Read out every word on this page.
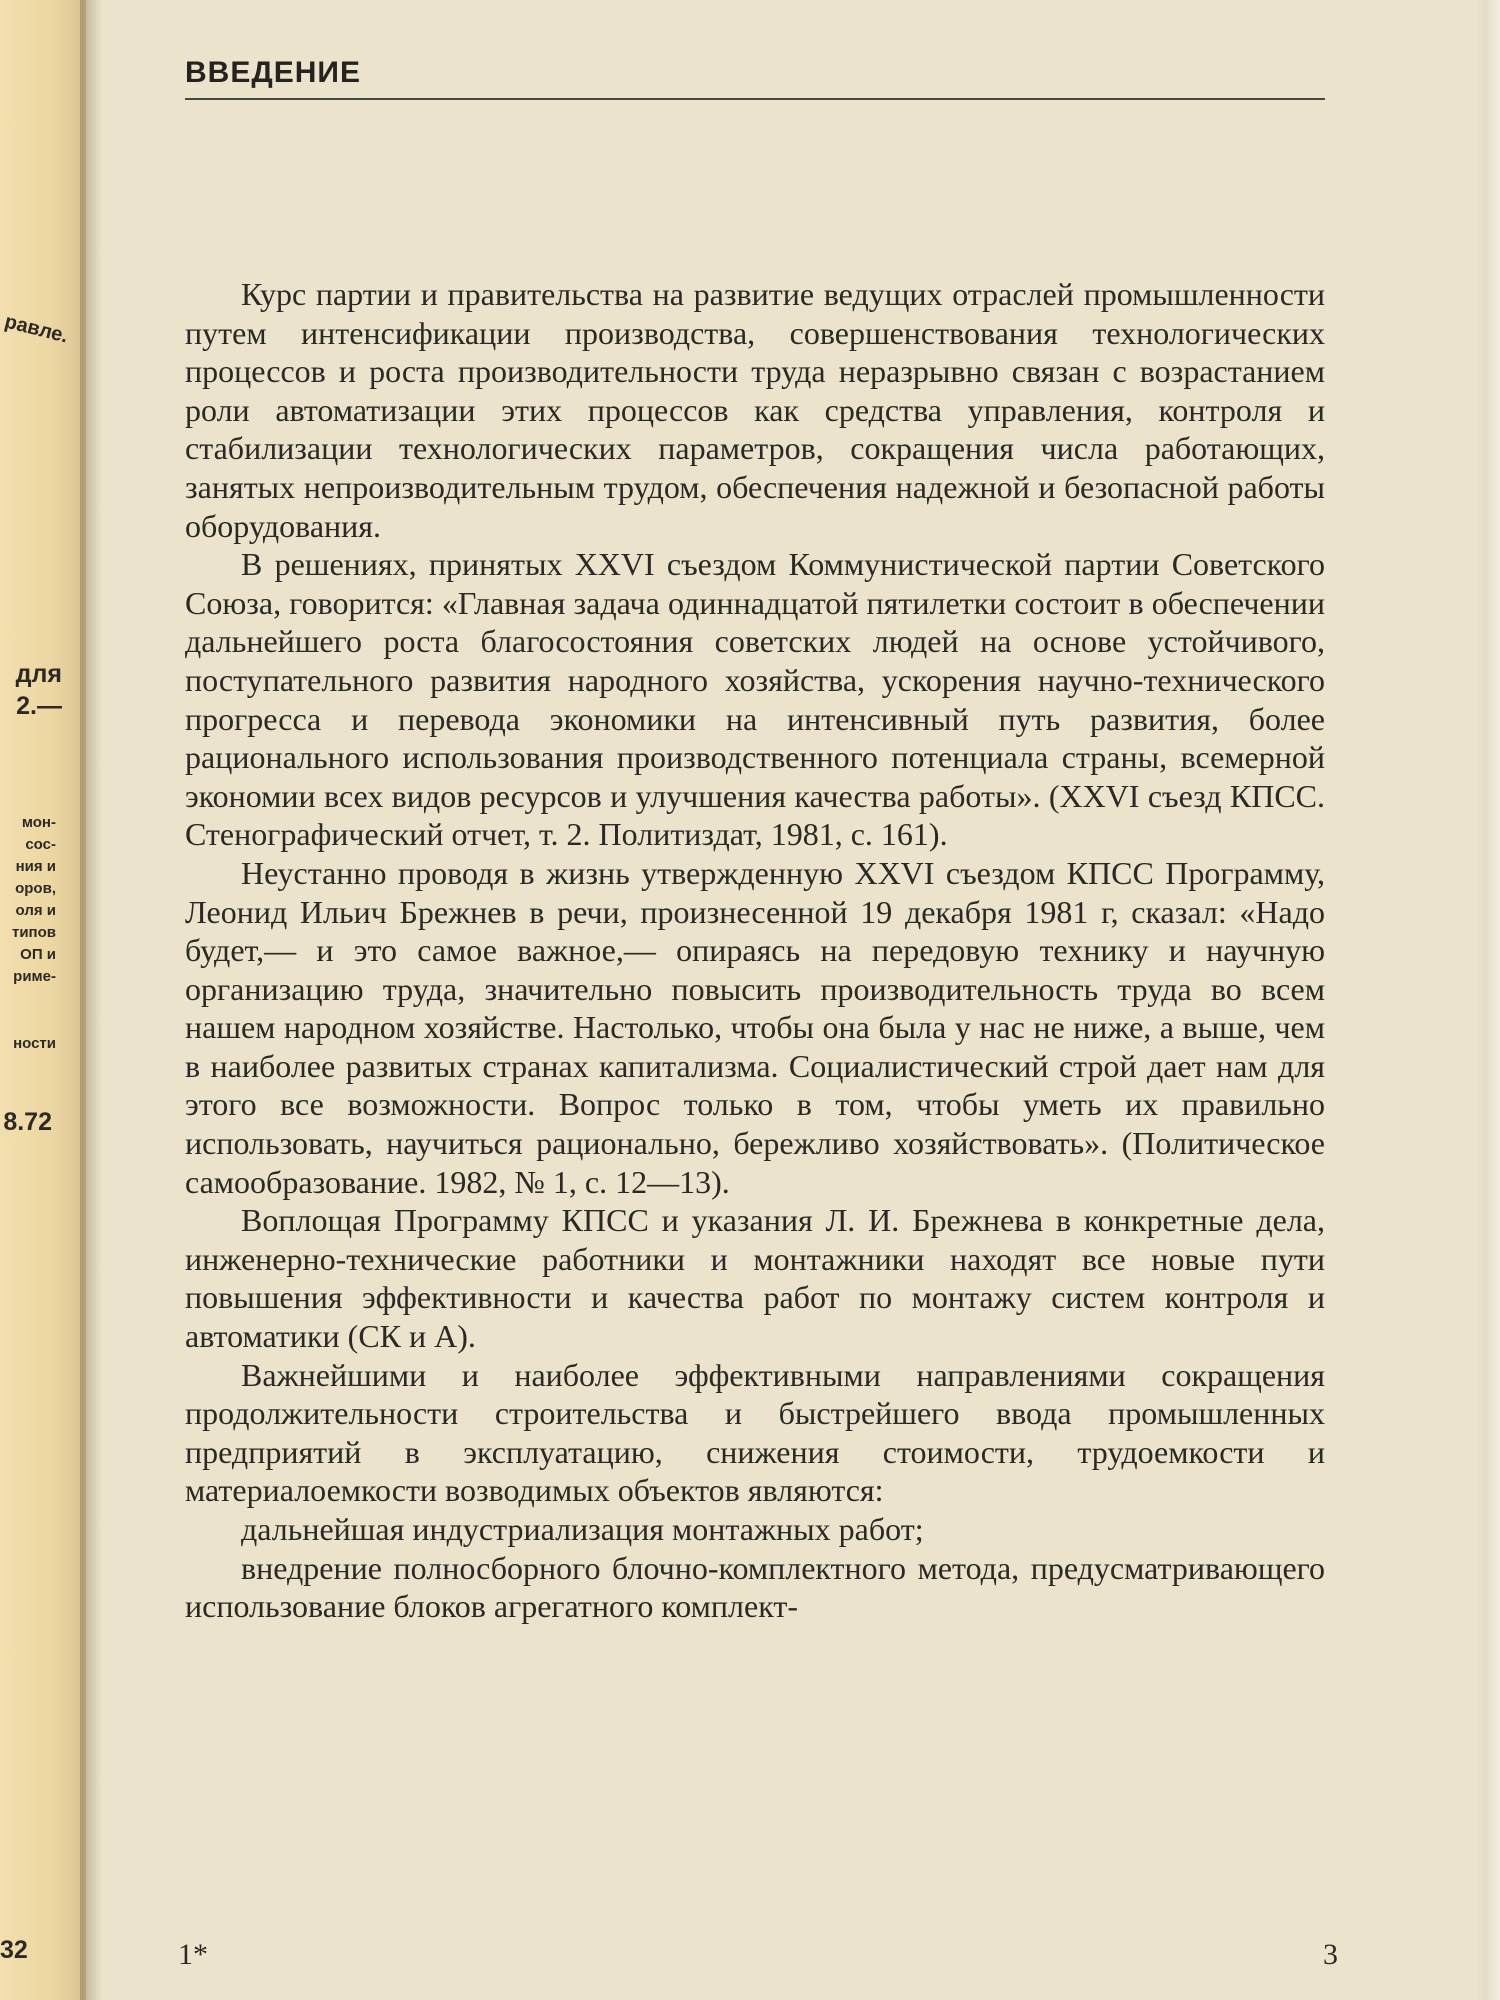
равле.
для
2.—
мон-
сос-
ния и
оров,
оля и
типов
ОП и
риме-
ности
8.72
32
ВВЕДЕНИЕ

Курс партии и правительства на развитие ведущих отраслей промышленности путем интенсификации производства, совершенствования технологических процессов и роста производительности труда неразрывно связан с возрастанием роли автоматизации этих процессов как средства управления, контроля и стабилизации технологических параметров, сокращения числа работающих, занятых непроизводительным трудом, обеспечения надежной и безопасной работы оборудования.

В решениях, принятых XXVI съездом Коммунистической партии Советского Союза, говорится: «Главная задача одиннадцатой пятилетки состоит в обеспечении дальнейшего роста благосостояния советских людей на основе устойчивого, поступательного развития народного хозяйства, ускорения научно-технического прогресса и перевода экономики на интенсивный путь развития, более рационального использования производственного потенциала страны, всемерной экономии всех видов ресурсов и улучшения качества работы». (XXVI съезд КПСС. Стенографический отчет, т. 2. Политиздат, 1981, с. 161).

Неустанно проводя в жизнь утвержденную XXVI съездом КПСС Программу, Леонид Ильич Брежнев в речи, произнесенной 19 декабря 1981 г, сказал: «Надо будет,— и это самое важное,— опираясь на передовую технику и научную организацию труда, значительно повысить производительность труда во всем нашем народном хозяйстве. Настолько, чтобы она была у нас не ниже, а выше, чем в наиболее развитых странах капитализма. Социалистический строй дает нам для этого все возможности. Вопрос только в том, чтобы уметь их правильно использовать, научиться рационально, бережливо хозяйствовать». (Политическое самообразование. 1982, № 1, с. 12—13).

Воплощая Программу КПСС и указания Л. И. Брежнева в конкретные дела, инженерно-технические работники и монтажники находят все новые пути повышения эффективности и качества работ по монтажу систем контроля и автоматики (СК и А).

Важнейшими и наиболее эффективными направлениями сокращения продолжительности строительства и быстрейшего ввода промышленных предприятий в эксплуатацию, снижения стоимости, трудоемкости и материалоемкости возводимых объектов являются:

дальнейшая индустриализация монтажных работ;

внедрение полносборного блочно-комплектного метода, предусматривающего использование блоков агрегатного комплект-

1*	3
